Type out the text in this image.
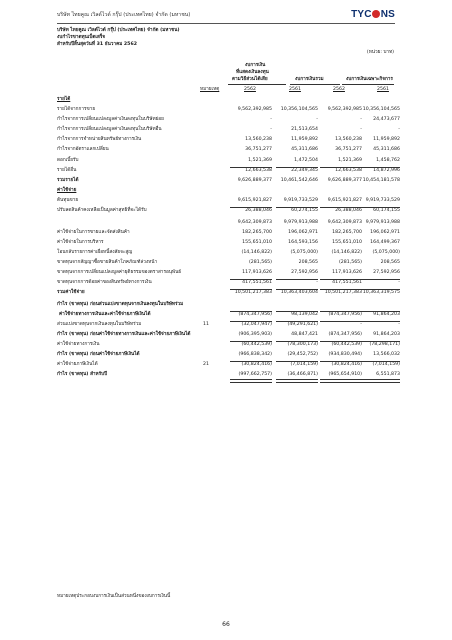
บริษัท ไทยคูณ เวิลด์ไวด์ กรุ๊ป (ประเทศไทย) จำกัด (มหาชน)	TYC NS
บริษัท ไทยคูณ เวิลด์ไวด์ กรุ๊ป (ประเทศไทย) จำกัด (มหาชน)
งบกำไรขาดทุนเบ็ดเสร็จ
สำหรับปีสิ้นสุดวันที่ 31 ธันวาคม 2562
(หน่วย: บาท)
งบการเงิน
ที่แสดงเงินลงทุน
ตามวิธีส่วนได้เสีย	งบการเงินรวม	งบการเงินเฉพาะกิจการ
หมายเหตุ	2562	2561	2562	2561
รายได้
รายได้จากการขาย	9,562,392,985	10,356,104,565	9,562,392,985 10,356,104,565
กำไรจากการเปลี่ยนแปลงมูลค่าเงินลงทุนในบริษัทย่อย	-	-	-	24,473,677
กำไรจากการเปลี่ยนแปลงมูลค่าเงินลงทุนในบริษัทอื่น	-	21,513,654	-	-
กำไรจากการจำหน่ายสินทรัพย์ทางการเงิน	13,560,238	11,959,892	13,560,238	11,959,892
กำไรจากอัตราแลกเปลี่ยน	36,751,277	45,311,686	36,751,277	45,311,686
ดอกเบี้ยรับ	1,521,369	1,472,504	1,521,369	1,458,762
รายได้อื่น	12,663,538	22,349,345	12,663,538	14,872,996
รวมรายได้	9,626,889,377	10,461,542,646	9,626,889,377 10,454,181,578
ค่าใช้จ่าย
ต้นทุนขาย	9,615,921,827	9,919,733,529	9,615,921,827 9,919,733,529
ปรับลดสินค้าคงเหลือเป็นมูลค่าสุทธิที่จะได้รับ	26,388,046	60,274,155	26,388,046	60,174,155
9,642,309,873	9,979,913,988	9,642,309,873 9,979,913,988
ค่าใช้จ่ายในการขายและจัดส่งสินค้า	182,265,700	196,062,971	182,265,700	196,062,971
ค่าใช้จ่ายในการบริหาร	155,651,010	164,593,156	155,651,010	164,499,367
โอนกลับรายการค่าเผื่อหนี้สงสัยจะสูญ	(14,146,822)	(5,075,000)	(14,146,822)	(5,075,000)
ขาดทุนจากสัญญาซื้อขายสินค้าโภคภัณฑ์ล่วงหน้า	(281,565)	208,565	(281,565)	208,565
ขาดทุนจากการเปลี่ยนแปลงมูลค่ายุติธรรมของตราสารอนุพันธ์	117,913,626	27,592,956	117,913,626	27,592,956
ขาดทุนจากการด้อยค่าของสินทรัพย์ทางการเงิน	417,551,561	-	417,551,561	-
รวมค่าใช้จ่าย	10,501,217,383	10,363,403,604	10,501,217,383 10,363,319,575
กำไร (ขาดทุน) ก่อนส่วนแบ่งขาดทุนจากเงินลงทุนในบริษัทร่วม
ค่าใช้จ่ายทางการเงินและค่าใช้จ่ายภาษีเงินได้	(874,347,956)	98,139,042	(874,347,956)	91,864,203
ส่วนแบ่งขาดทุนจากเงินลงทุนในบริษัทร่วม	11	(32,047,947)	(49,291,621)	-	-
กำไร (ขาดทุน) ก่อนค่าใช้จ่ายทางการเงินและค่าใช้จ่ายภาษีเงินได้	(906,395,903)	48,847,421	(874,347,956)	91,864,203
ค่าใช้จ่ายทางการเงิน	(60,442,539)	(78,300,173)	(60,442,539)	(78,298,171)
กำไร (ขาดทุน) ก่อนค่าใช้จ่ายภาษีเงินได้	(966,838,342)	(29,452,752)	(934,830,494)	13,566,032
ค่าใช้จ่ายภาษีเงินได้	21	(30,824,416)	(7,014,159)	(30,824,416)	(7,014,159)
กำไร (ขาดทุน) สำหรับปี	(997,662,757)	(36,466,871)	(965,654,910)	6,551,873
หมายเหตุประกอบงบการเงินเป็นส่วนหนึ่งของงบการเงินนี้
66
